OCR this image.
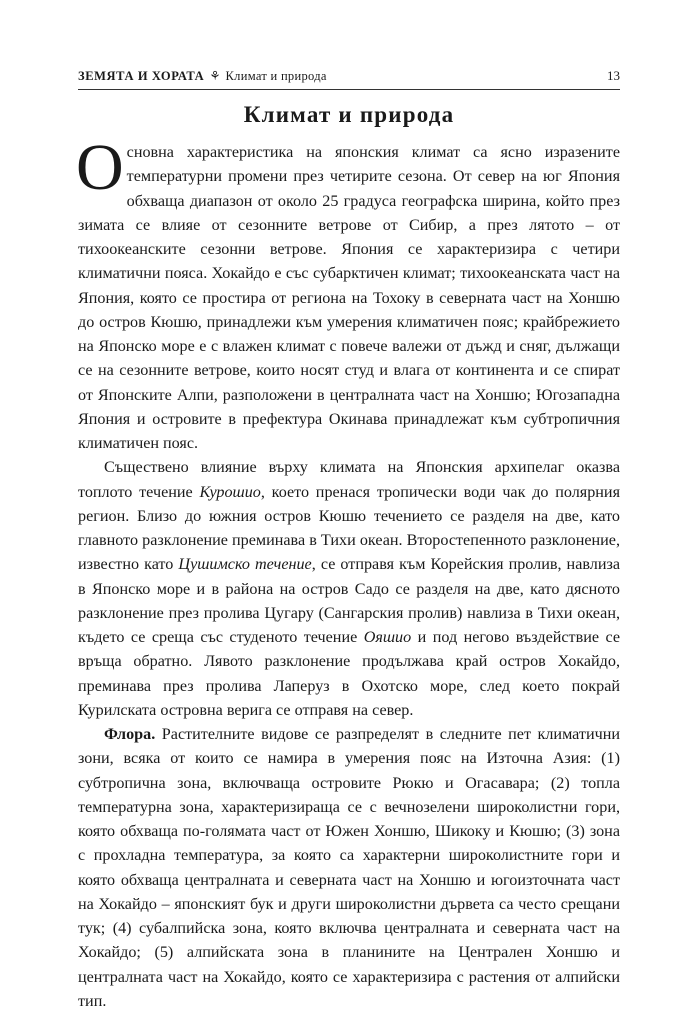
ЗЕМЯТА И ХОРАТА ⚘ Климат и природа	13
Климат и природа

Основна характеристика на японския климат са ясно изразените температурни промени през четирите сезона. От север на юг Япония обхваща диапазон от около 25 градуса географска ширина, който през зимата се влияе от сезонните ветрове от Сибир, а през лятото – от тихоокеанските сезонни ветрове. Япония се характеризира с четири климатични пояса. Хокайдо е със субарктичен климат; тихоокеанската част на Япония, която се простира от региона на Тохоку в северната част на Хоншю до остров Кюшю, принадлежи към умерения климатичен пояс; крайбрежието на Японско море е с влажен климат с повече валежи от дъжд и сняг, дължащи се на сезонните ветрове, които носят студ и влага от континента и се спират от Японските Алпи, разположени в централната част на Хоншю; Югозападна Япония и островите в префектура Окинава принадлежат към субтропичния климатичен пояс.

Съществено влияние върху климата на Японския архипелаг оказва топлото течение Курошио, което пренася тропически води чак до полярния регион. Близо до южния остров Кюшю течението се разделя на две, като главното разклонение преминава в Тихи океан. Второстепенното разклонение, известно като Цушимско течение, се отправя към Корейския пролив, навлиза в Японско море и в района на остров Садо се разделя на две, като дясното разклонение през пролива Цугару (Сангарския пролив) навлиза в Тихи океан, където се среща със студеното течение Ояшио и под негово въздействие се връща обратно. Лявото разклонение продължава край остров Хокайдо, преминава през пролива Лаперуз в Охотско море, след което покрай Курилската островна верига се отправя на север.

Флора. Растителните видове се разпределят в следните пет климатични зони, всяка от които се намира в умерения пояс на Източна Азия: (1) субтропична зона, включваща островите Рюкю и Огасавара; (2) топла температурна зона, характеризираща се с вечнозелени широколистни гори, която обхваща по-голямата част от Южен Хоншю, Шикоку и Кюшю; (3) зона с прохладна температура, за която са характерни широколистните гори и която обхваща централната и северната част на Хоншю и югоизточната част на Хокайдо – японският бук и други широколистни дървета са често срещани тук; (4) субалпийска зона, която включва централната и северната част на Хокайдо; (5) алпийската зона в планините на Централен Хоншю и централната част на Хокайдо, която се характеризира с растения от алпийски тип.
